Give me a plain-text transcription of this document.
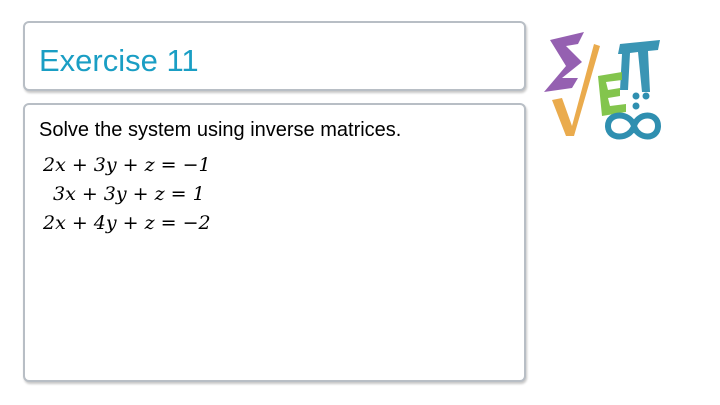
Exercise 11
Solve the system using inverse matrices.
2x + 3y + z = −1
3x + 3y + z = 1
2x + 4y + z = −2
